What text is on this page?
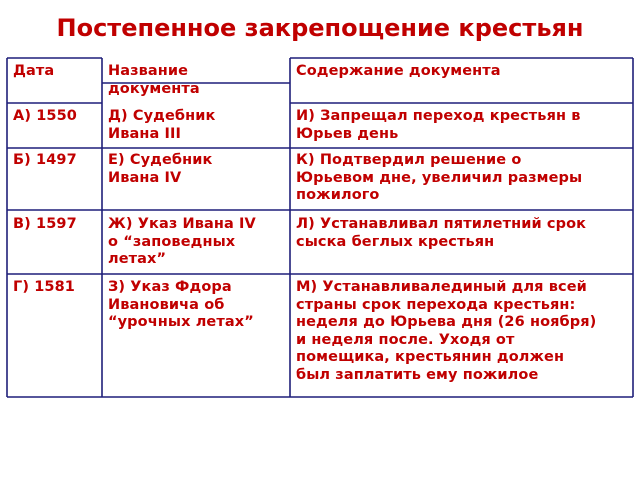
Постепенное закрепощение крестьян
Дата	Название
документа
Содержание документа
А) 1550 Д) Судебник
Ивана III
И) Запрещал переход крестьян в
Юрьев день
Б) 1497 Е) Судебник
Ивана IV
К) Подтвердил решение о
Юрьевом дне, увеличил размеры
пожилого
В) 1597 Ж) Указ Ивана IV
о “заповедных
летах”
Л) Устанавливал пятилетний срок
сыска беглых крестьян
Г) 1581 З) Указ Фдора
Ивановича об
“урочных летах”
М) Устанавливалединый для всей
страны срок перехода крестьян:
неделя до Юрьева дня (26 ноября)
и неделя после. Уходя от
помещика, крестьянин должен
был заплатить ему пожилое
